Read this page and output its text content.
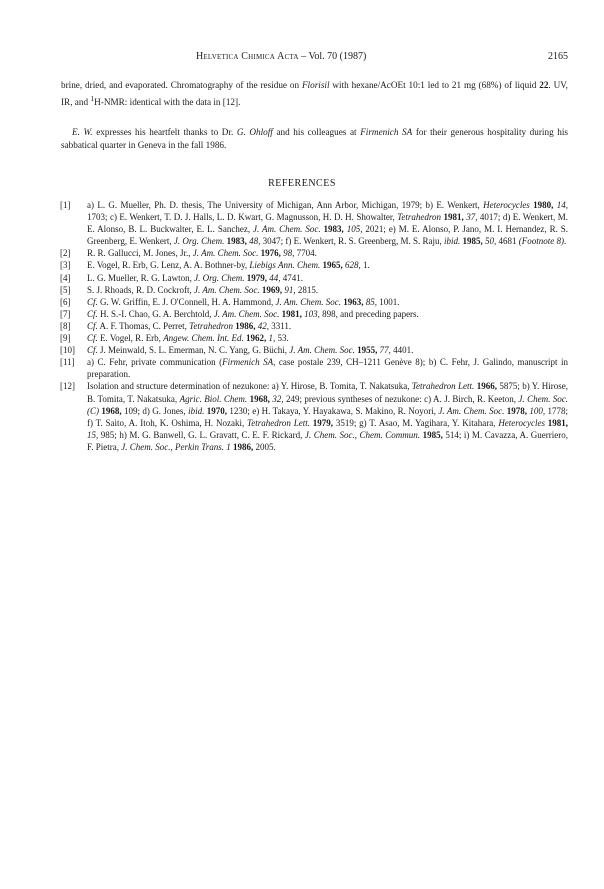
Helvetica Chimica Acta – Vol. 70 (1987)	2165
brine, dried, and evaporated. Chromatography of the residue on Florisil with hexane/AcOEt 10:1 led to 21 mg (68%) of liquid 22. UV, IR, and $^1$H-NMR: identical with the data in [12].
E. W. expresses his heartfelt thanks to Dr. G. Ohloff and his colleagues at Firmenich SA for their generous hospitality during his sabbatical quarter in Geneva in the fall 1986.
REFERENCES
[1] a) L. G. Mueller, Ph. D. thesis, The University of Michigan, Ann Arbor, Michigan, 1979; b) E. Wenkert, Heterocycles 1980, 14, 1703; c) E. Wenkert, T. D. J. Halls, L. D. Kwart, G. Magnusson, H. D. H. Showalter, Tetrahedron 1981, 37, 4017; d) E. Wenkert, M. E. Alonso, B. L. Buckwalter, E. L. Sanchez, J. Am. Chem. Soc. 1983, 105, 2021; e) M. E. Alonso, P. Jano, M. I. Hernandez, R. S. Greenberg, E. Wenkert, J. Org. Chem. 1983, 48, 3047; f) E. Wenkert, R. S. Greenberg, M. S. Raju, ibid. 1985, 50, 4681 (Footnote 8).
[2] R. R. Gallucci, M. Jones, Jr., J. Am. Chem. Soc. 1976, 98, 7704.
[3] E. Vogel, R. Erb, G. Lenz, A. A. Bothner-by, Liebigs Ann. Chem. 1965, 628, 1.
[4] L. G. Mueller, R. G. Lawton, J. Org. Chem. 1979, 44, 4741.
[5] S. J. Rhoads, R. D. Cockroft, J. Am. Chem. Soc. 1969, 91, 2815.
[6] Cf. G. W. Griffin, E. J. O'Connell, H. A. Hammond, J. Am. Chem. Soc. 1963, 85, 1001.
[7] Cf. H. S.-I. Chao, G. A. Berchtold, J. Am. Chem. Soc. 1981, 103, 898, and preceding papers.
[8] Cf. A. F. Thomas, C. Perret, Tetrahedron 1986, 42, 3311.
[9] Cf. E. Vogel, R. Erb, Angew. Chem. Int. Ed. 1962, 1, 53.
[10] Cf. J. Meinwald, S. L. Emerman, N. C. Yang, G. Büchi, J. Am. Chem. Soc. 1955, 77, 4401.
[11] a) C. Fehr, private communication (Firmenich SA, case postale 239, CH–1211 Genève 8); b) C. Fehr, J. Galindo, manuscript in preparation.
[12] Isolation and structure determination of nezukone: a) Y. Hirose, B. Tomita, T. Nakatsuka, Tetrahedron Lett. 1966, 5875; b) Y. Hirose, B. Tomita, T. Nakatsuka, Agric. Biol. Chem. 1968, 32, 249; previous syntheses of nezukone: c) A. J. Birch, R. Keeton, J. Chem. Soc. (C) 1968, 109; d) G. Jones, ibid. 1970, 1230; e) H. Takaya, Y. Hayakawa, S. Makino, R. Noyori, J. Am. Chem. Soc. 1978, 100, 1778; f) T. Saito, A. Itoh, K. Oshima, H. Nozaki, Tetrahedron Lett. 1979, 3519; g) T. Asao, M. Yagihara, Y. Kitahara, Heterocycles 1981, 15, 985; h) M. G. Banwell, G. L. Gravatt, C. E. F. Rickard, J. Chem. Soc., Chem. Commun. 1985, 514; i) M. Cavazza, A. Guerriero, F. Pietra, J. Chem. Soc., Perkin Trans. 1 1986, 2005.
